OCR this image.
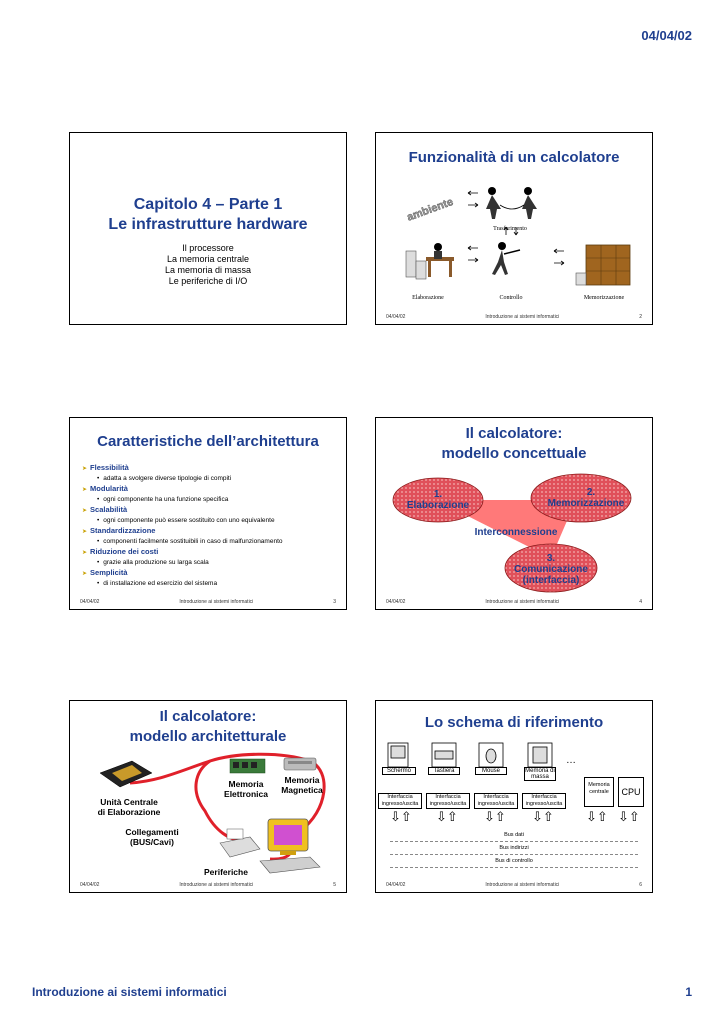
04/04/02
Capitolo 4 – Parte 1
Le infrastrutture hardware
Il processore
La memoria centrale
La memoria di massa
Le periferiche di I/O
Funzionalità di un calcolatore
ambiente
Trasferimento
Elaborazione	Controllo	Memorizzazione
04/04/02	Introduzione ai sistemi informatici	2
Caratteristiche dell’architettura
➤ Flessibilità
• adatta a svolgere diverse tipologie di compiti
➤ Modularità
• ogni componente ha una funzione specifica
➤ Scalabilità
• ogni componente può essere sostituito con uno equivalente
➤ Standardizzazione
• componenti facilmente sostituibili in caso di malfunzionamento
➤ Riduzione dei costi
• grazie alla produzione su larga scala
➤ Semplicità
• di installazione ed esercizio del sistema
04/04/02	Introduzione ai sistemi informatici	3
Il calcolatore:
modello concettuale
1.
Elaborazione
2.
Memorizzazione
Interconnessione
3.
Comunicazione
(interfaccia)
04/04/02	Introduzione ai sistemi informatici	4
Il calcolatore:
modello architetturale
Unità Centrale
di Elaborazione
Memoria
Elettronica
Memoria
Magnetica
Collegamenti
(BUS/Cavi)
Periferiche
04/04/02	Introduzione ai sistemi informatici	5
Lo schema di riferimento
Schermo	Tastiera	Mouse	Memoria di massa
…
Interfaccia ingresso/uscita
Interfaccia ingresso/uscita
Interfaccia ingresso/uscita
Interfaccia ingresso/uscita
Memoria centrale	CPU
⇩⇧ ⇩⇧ ⇩⇧ ⇩⇧ ⇩⇧ ⇩⇧
Bus dati
Bus indirizzi
Bus di controllo
04/04/02	Introduzione ai sistemi informatici	6
Introduzione ai sistemi informatici	1
